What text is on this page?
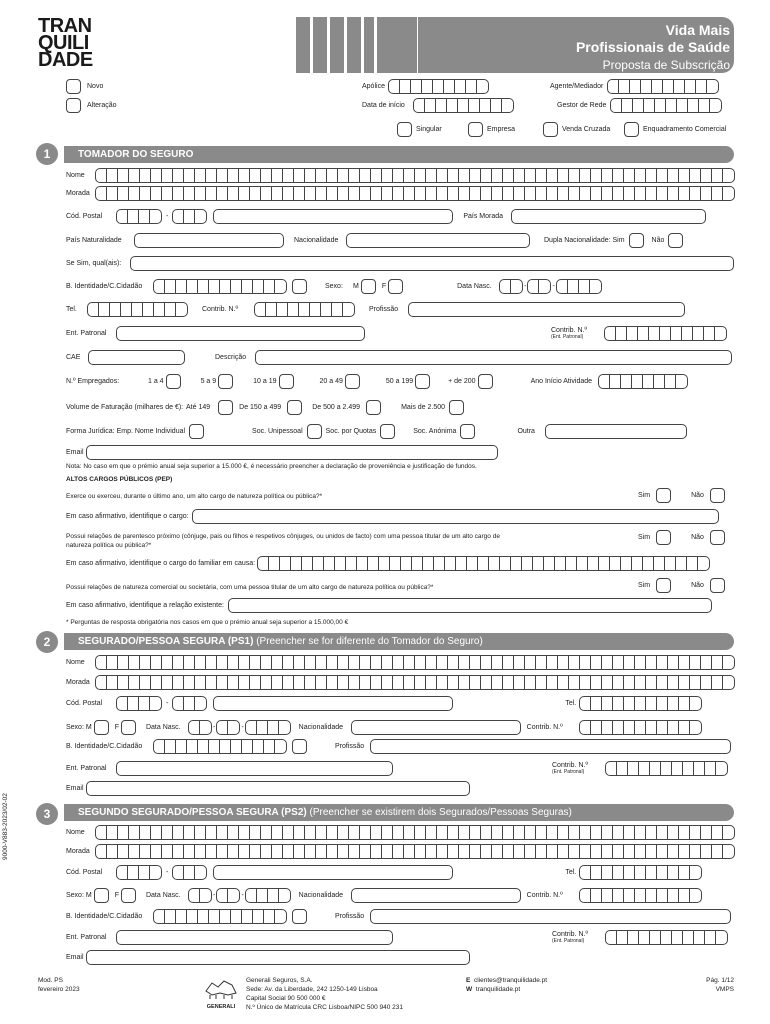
TRAN
QUILI
DADE
Vida Mais
Profissionais de Saúde
Proposta de Subscrição
Novo
Alteração
Apólice
Data de início
Agente/Mediador
Gestor de Rede
Singular	Empresa	Venda Cruzada	Enquadramento Comercial
1	TOMADOR DO SEGURO
Nome
Morada
Cód. Postal	-	País Morada
País Naturalidade	Nacionalidade	Dupla Nacionalidade: Sim	Não
Se Sim, qual(ais):
B. Identidade/C.Cidadão	Sexo:	M	F	Data Nasc.	-	-
Tel.	Contrib. N.º	Profissão
Ent. Patronal	Contrib. N.º
(Ent. Patronal)
CAE	Descrição
N.º Empregados:	1 a 4	5 a 9	10 a 19	20 a 49	50 a 199	+ de 200	Ano Início Atividade
Volume de Faturação (milhares de €): Até 149	De 150 a 499	De 500 a 2.499	Mais de 2.500
Forma Jurídica: Emp. Nome Individual	Soc. Unipessoal	Soc. por Quotas	Soc. Anónima	Outra
Email
Nota: No caso em que o prémio anual seja superior a 15.000 €, é necessário preencher a declaração de proveniência e justificação de fundos.
ALTOS CARGOS PÚBLICOS (PEP)
Exerce ou exerceu, durante o último ano, um alto cargo de natureza política ou pública?*	Sim	Não
Em caso afirmativo, identifique o cargo:
Possui relações de parentesco próximo (cônjuge, pais ou filhos e respetivos cônjuges, ou unidos de facto) com uma pessoa titular de um alto cargo de
natureza política ou pública?*
Sim	Não
Em caso afirmativo, identifique o cargo do familiar em causa:
Possui relações de natureza comercial ou societária, com uma pessoa titular de um alto cargo de natureza política ou pública?*	Sim	Não
Em caso afirmativo, identifique a relação existente:
* Perguntas de resposta obrigatória nos casos em que o prémio anual seja superior a 15.000,00 €
2	SEGURADO/PESSOA SEGURA (PS1) (Preencher se for diferente do Tomador do Seguro)
Nome
Morada
Cód. Postal	-	Tel.
Sexo: M	F	Data Nasc.	-	-	Nacionalidade	Contrib. N.º
B. Identidade/C.Cidadão	Profissão
Ent. Patronal	Contrib. N.º
(Ent. Patronal)
Email
3	SEGUNDO SEGURADO/PESSOA SEGURA (PS2) (Preencher se existirem dois Segurados/Pessoas Seguras)
Nome
Morada
Cód. Postal	-	Tel.
Sexo: M	F	Data Nasc.	-	-	Nacionalidade	Contrib. N.º
B. Identidade/C.Cidadão	Profissão
Ent. Patronal	Contrib. N.º
(Ent. Patronal)
Email
9000-V883-2023/02-02
Mod. PS
fevereiro 2023
GENERALI
Generali Seguros, S.A.
Sede: Av. da Liberdade, 242 1250-149 Lisboa
Capital Social 90 500 000 €
N.º Único de Matrícula CRC Lisboa/NIPC 500 940 231
E clientes@tranquilidade.pt
W tranquilidade.pt
Pág. 1/12
VMPS
